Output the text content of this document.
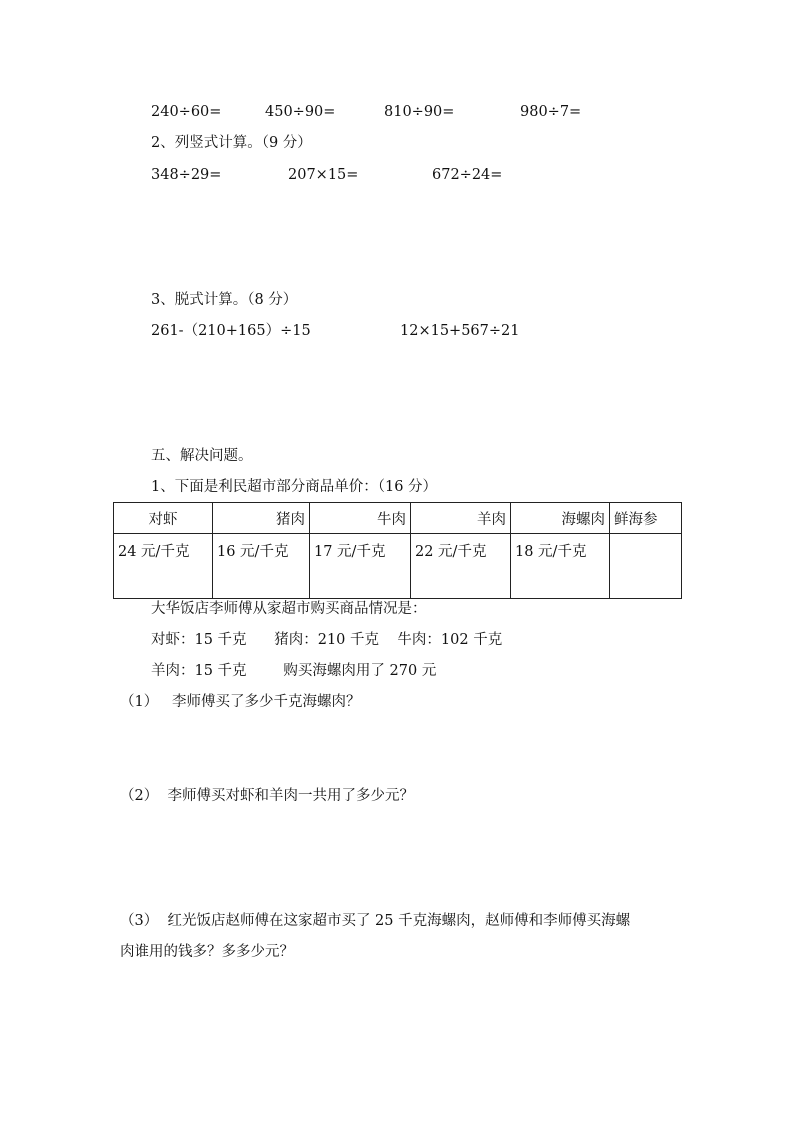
240÷60=	450÷90=	810÷90=	980÷7=
2、列竖式计算。（9 分）
348÷29=	207×15=	672÷24=
3、脱式计算。（8 分）
261-（210+165）÷15	12×15+567÷21
五、解决问题。
1、下面是利民超市部分商品单价：（16 分）
对虾	猪肉	牛肉	羊肉	海螺肉	鲜海参
24 元/千克	16 元/千克	17 元/千克	22 元/千克	18 元/千克	
大华饭店李师傅从家超市购买商品情况是：
对虾：15 千克      猪肉：210 千克    牛肉：102 千克
羊肉：15 千克        购买海螺肉用了 270 元
（1）   李师傅买了多少千克海螺肉？
（2）  李师傅买对虾和羊肉一共用了多少元？
（3）  红光饭店赵师傅在这家超市买了 25 千克海螺肉，赵师傅和李师傅买海螺
肉谁用的钱多？多多少元？
